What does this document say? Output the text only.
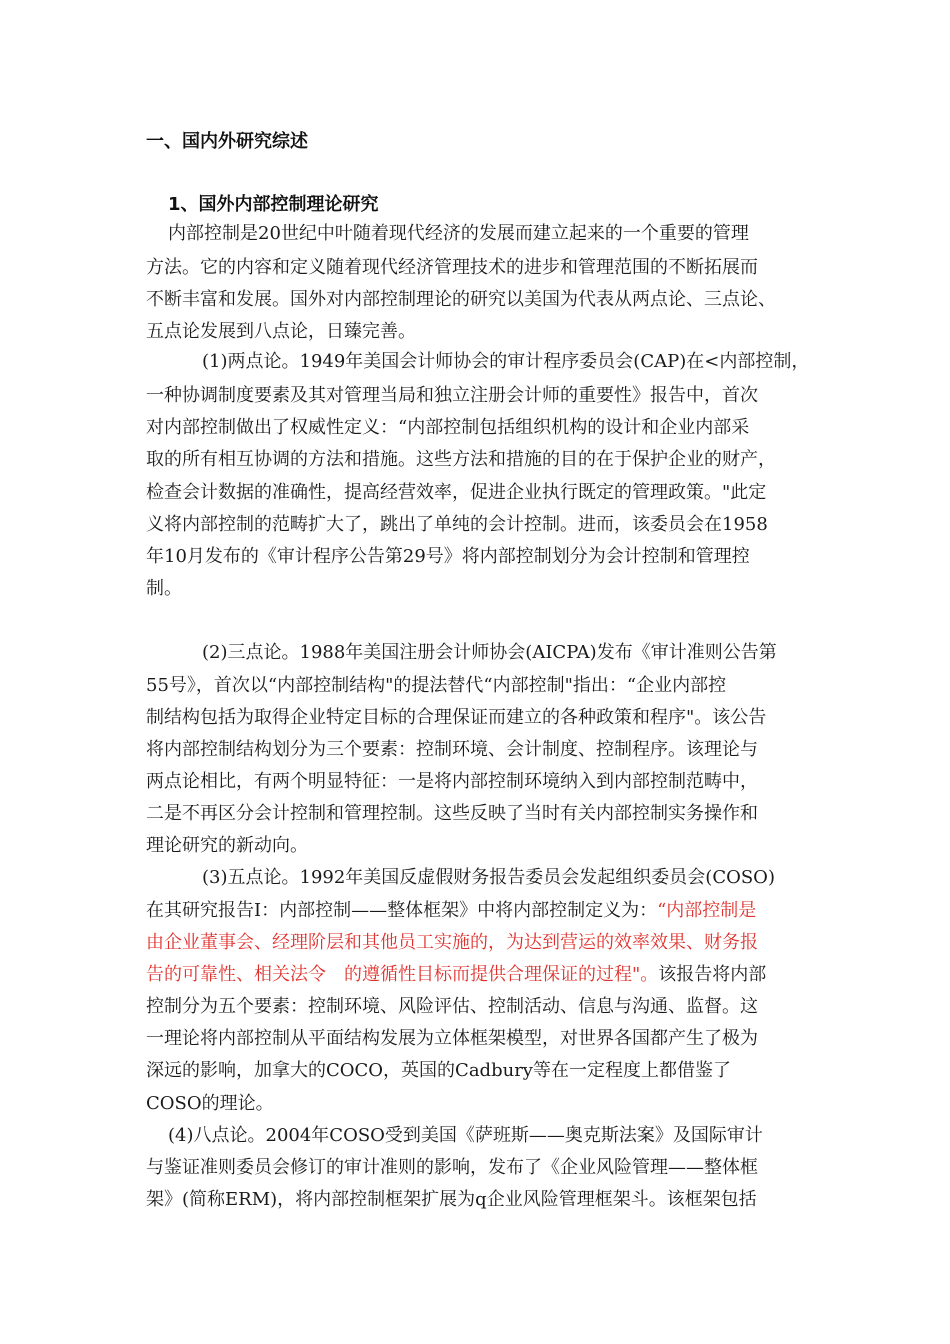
一、国内外研究综述
1、国外内部控制理论研究
内部控制是20世纪中叶随着现代经济的发展而建立起来的一个重要的管理
方法。它的内容和定义随着现代经济管理技术的进步和管理范围的不断拓展而
不断丰富和发展。国外对内部控制理论的研究以美国为代表从两点论、三点论、
五点论发展到八点论，日臻完善。
(1)两点论。1949年美国会计师协会的审计程序委员会(CAP)在<内部控制，
一种协调制度要素及其对管理当局和独立注册会计师的重要性》报告中，首次
对内部控制做出了权威性定义：“内部控制包括组织机构的设计和企业内部采
取的所有相互协调的方法和措施。这些方法和措施的目的在于保护企业的财产，
检查会计数据的准确性，提高经营效率，促进企业执行既定的管理政策。"此定
义将内部控制的范畴扩大了，跳出了单纯的会计控制。进而，该委员会在1958
年10月发布的《审计程序公告第29号》将内部控制划分为会计控制和管理控
制。
(2)三点论。1988年美国注册会计师协会(AICPA)发布《审计准则公告第
55号》，首次以“内部控制结构"的提法替代“内部控制"指出：“企业内部控
制结构包括为取得企业特定目标的合理保证而建立的各种政策和程序"。该公告
将内部控制结构划分为三个要素：控制环境、会计制度、控制程序。该理论与
两点论相比，有两个明显特征：一是将内部控制环境纳入到内部控制范畴中，
二是不再区分会计控制和管理控制。这些反映了当时有关内部控制实务操作和
理论研究的新动向。
(3)五点论。1992年美国反虚假财务报告委员会发起组织委员会(COSO)
在其研究报告I：内部控制——整体框架》中将内部控制定义为：“内部控制是
由企业董事会、经理阶层和其他员工实施的，为达到营运的效率效果、财务报
告的可靠性、相关法令　的遵循性目标而提供合理保证的过程"。该报告将内部
控制分为五个要素：控制环境、风险评估、控制活动、信息与沟通、监督。这
一理论将内部控制从平面结构发展为立体框架模型，对世界各国都产生了极为
深远的影响，加拿大的COCO，英国的Cadbury等在一定程度上都借鉴了
COSO的理论。
(4)八点论。2004年COSO受到美国《萨班斯——奥克斯法案》及国际审计
与鉴证准则委员会修订的审计准则的影响，发布了《企业风险管理——整体框
架》(简称ERM)，将内部控制框架扩展为q企业风险管理框架斗。该框架包括
